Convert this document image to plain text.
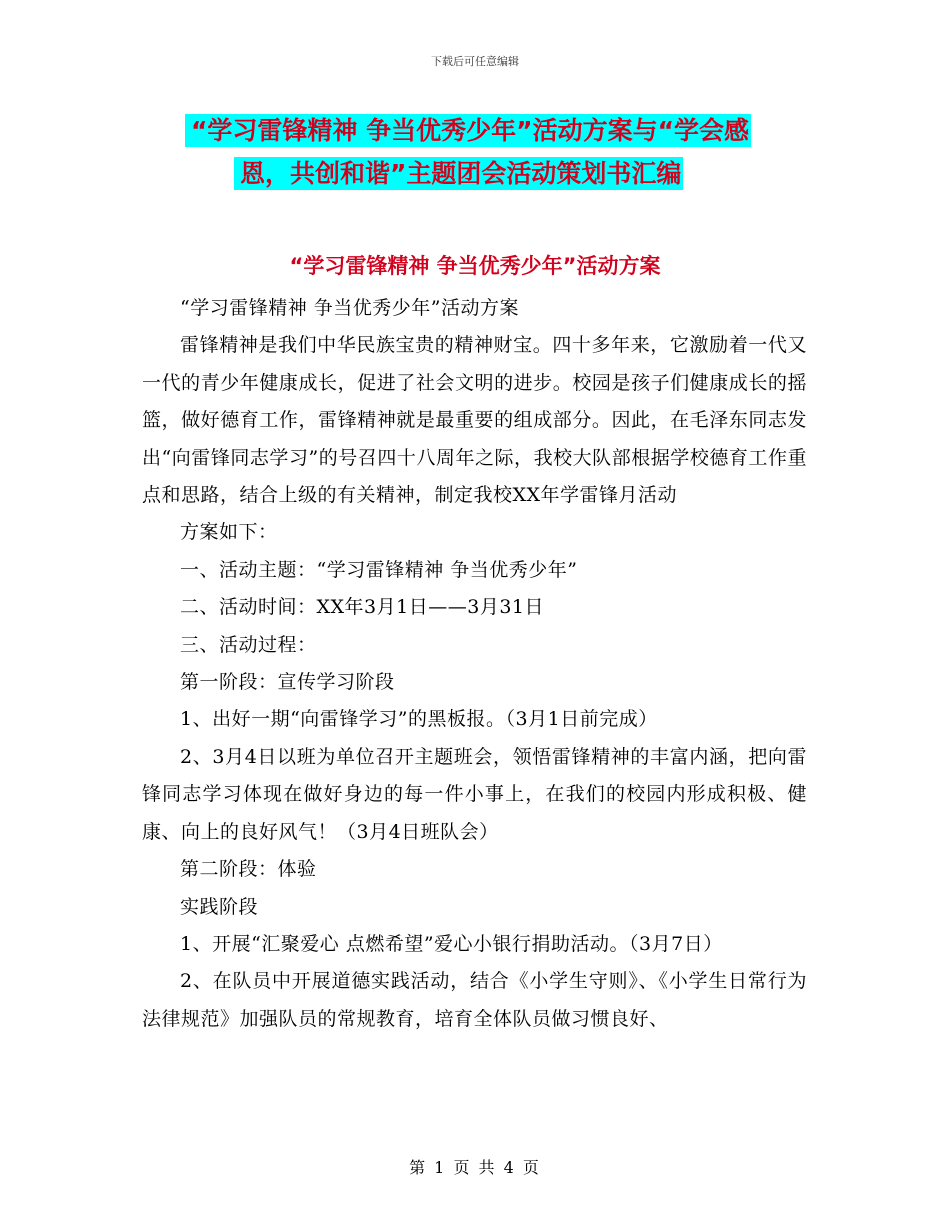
下载后可任意编辑
“学习雷锋精神 争当优秀少年”活动方案与“学会感
恩，共创和谐”主题团会活动策划书汇编
“学习雷锋精神 争当优秀少年”活动方案

“学习雷锋精神 争当优秀少年”活动方案

雷锋精神是我们中华民族宝贵的精神财宝。四十多年来，它激励着一代又一代的青少年健康成长，促进了社会文明的进步。校园是孩子们健康成长的摇篮，做好德育工作，雷锋精神就是最重要的组成部分。因此，在毛泽东同志发出“向雷锋同志学习”的号召四十八周年之际，我校大队部根据学校德育工作重点和思路，结合上级的有关精神，制定我校XX年学雷锋月活动

方案如下：

一、活动主题：“学习雷锋精神 争当优秀少年”

二、活动时间：XX年3月1日——3月31日

三、活动过程：

第一阶段：宣传学习阶段

1、出好一期“向雷锋学习”的黑板报。（3月1日前完成）

2、3月4日以班为单位召开主题班会，领悟雷锋精神的丰富内涵，把向雷锋同志学习体现在做好身边的每一件小事上，在我们的校园内形成积极、健康、向上的良好风气！（3月4日班队会）

第二阶段：体验

实践阶段

1、开展“汇聚爱心 点燃希望”爱心小银行捐助活动。（3月7日）

2、在队员中开展道德实践活动，结合《小学生守则》、《小学生日常行为法律规范》加强队员的常规教育，培育全体队员做习惯良好、

第 1 页 共 4 页
